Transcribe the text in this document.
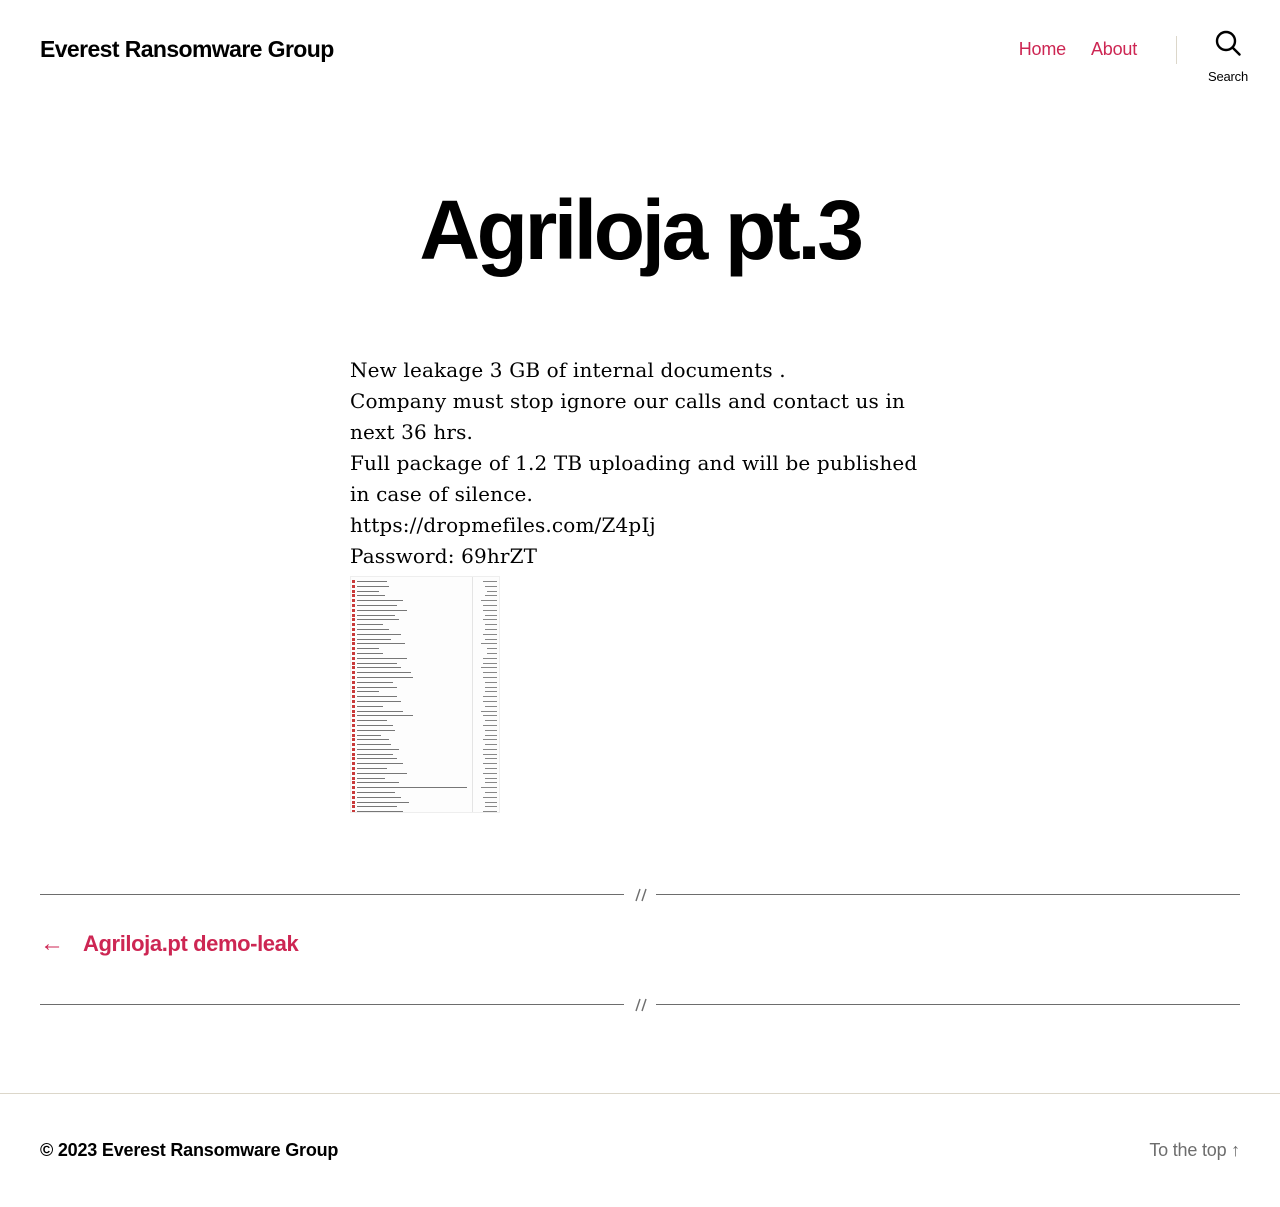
Everest Ransomware Group	Home About
Search
Agriloja pt.3

New leakage 3 GB of internal documents .

Company must stop ignore our calls and contact us in next 36 hrs.

Full package of 1.2 TB uploading and will be published in case of silence.

https://dropmefiles.com/Z4pIj

Password: 69hrZT

← Agriloja.pt demo-leak

© 2023 Everest Ransomware Group	To the top ↑
